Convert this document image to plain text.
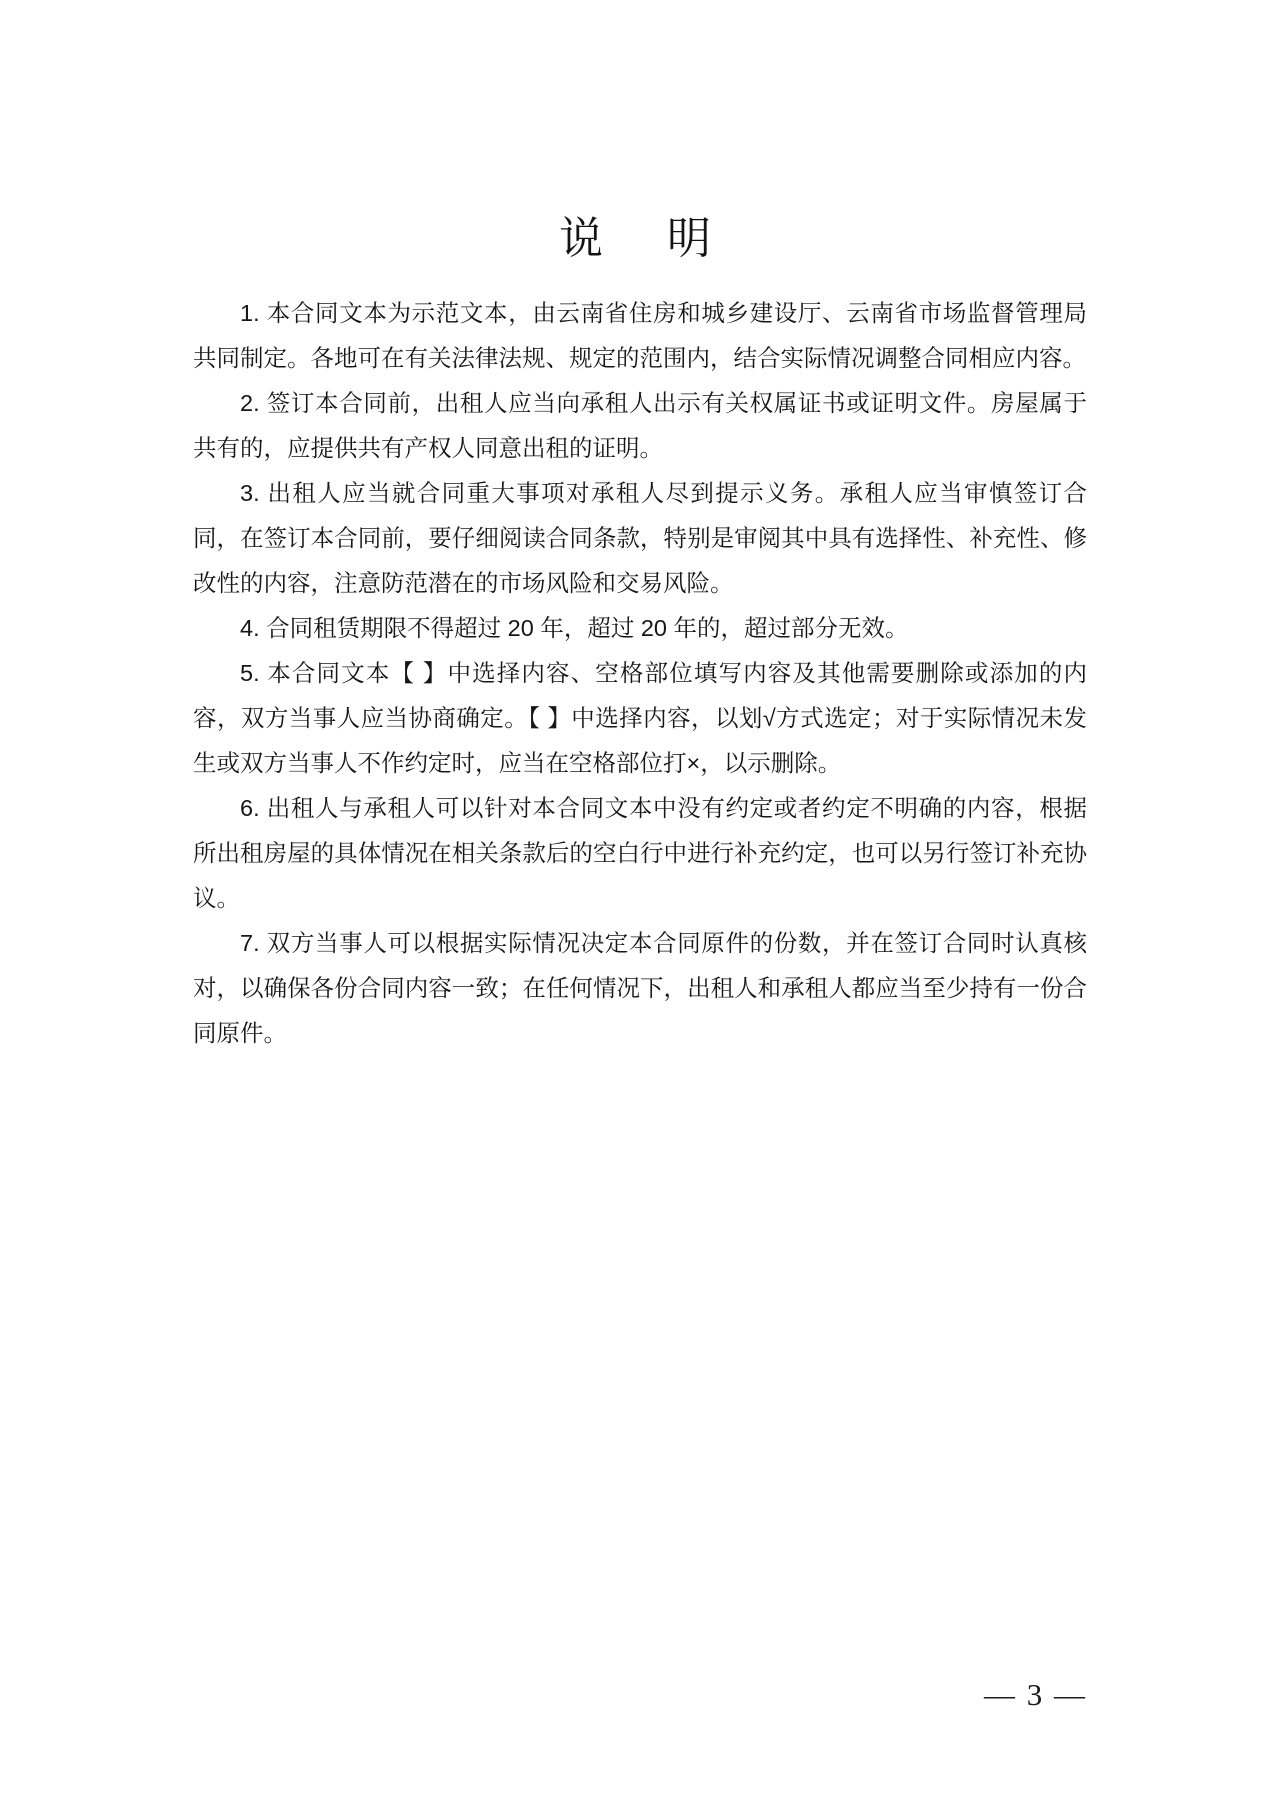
说　明

1. 本合同文本为示范文本，由云南省住房和城乡建设厅、云南省市场监督管理局共同制定。各地可在有关法律法规、规定的范围内，结合实际情况调整合同相应内容。

2. 签订本合同前，出租人应当向承租人出示有关权属证书或证明文件。房屋属于共有的，应提供共有产权人同意出租的证明。

3. 出租人应当就合同重大事项对承租人尽到提示义务。承租人应当审慎签订合同，在签订本合同前，要仔细阅读合同条款，特别是审阅其中具有选择性、补充性、修改性的内容，注意防范潜在的市场风险和交易风险。

4. 合同租赁期限不得超过 20 年，超过 20 年的，超过部分无效。

5. 本合同文本【 】中选择内容、空格部位填写内容及其他需要删除或添加的内容，双方当事人应当协商确定。【 】中选择内容，以划√方式选定；对于实际情况未发生或双方当事人不作约定时，应当在空格部位打×，以示删除。

6. 出租人与承租人可以针对本合同文本中没有约定或者约定不明确的内容，根据所出租房屋的具体情况在相关条款后的空白行中进行补充约定，也可以另行签订补充协议。

7. 双方当事人可以根据实际情况决定本合同原件的份数，并在签订合同时认真核对，以确保各份合同内容一致；在任何情况下，出租人和承租人都应当至少持有一份合同原件。

— 3 —
